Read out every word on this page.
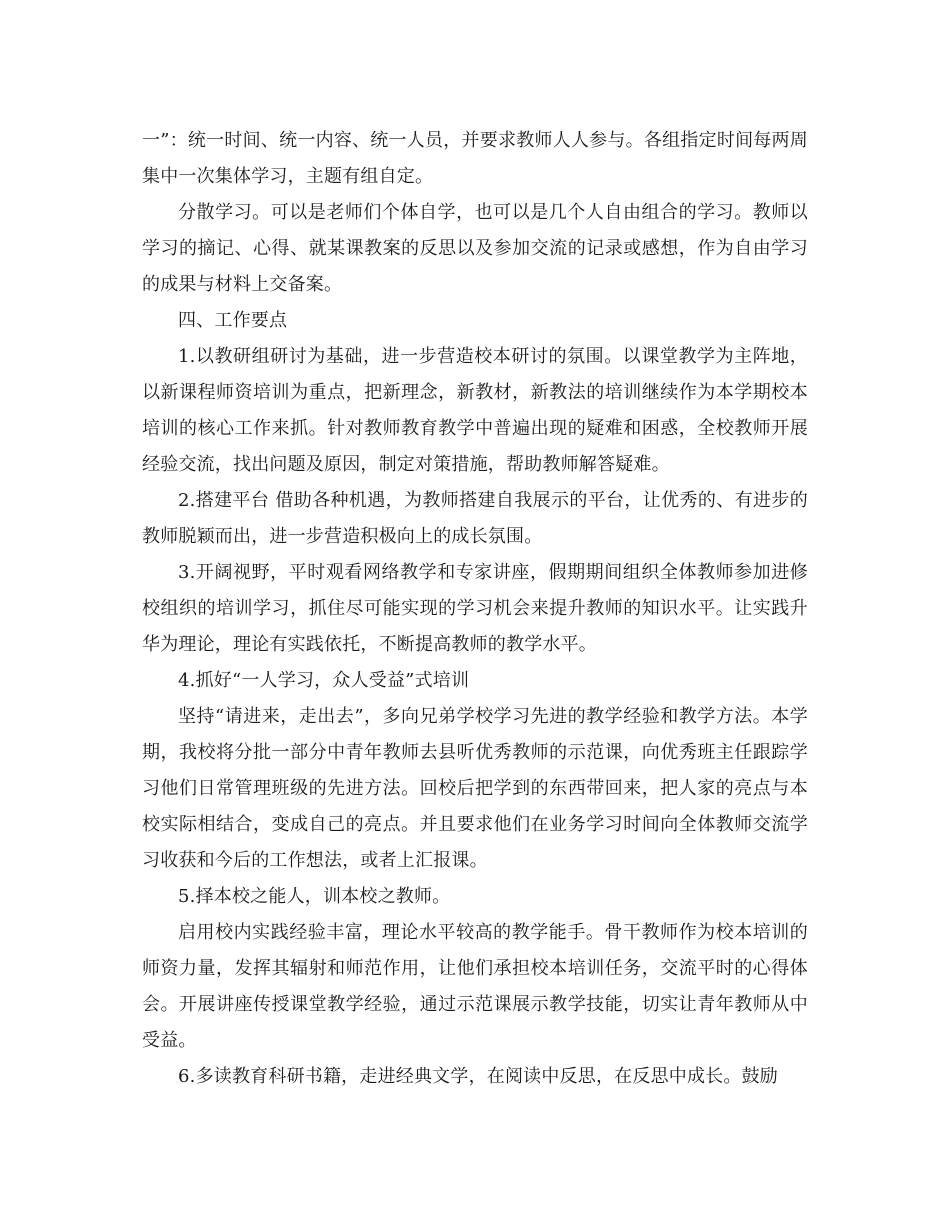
一”：统一时间、统一内容、统一人员，并要求教师人人参与。各组指定时间每两周集中一次集体学习，主题有组自定。

分散学习。可以是老师们个体自学，也可以是几个人自由组合的学习。教师以学习的摘记、心得、就某课教案的反思以及参加交流的记录或感想，作为自由学习的成果与材料上交备案。

四、工作要点

1.以教研组研讨为基础，进一步营造校本研讨的氛围。以课堂教学为主阵地，以新课程师资培训为重点，把新理念，新教材，新教法的培训继续作为本学期校本培训的核心工作来抓。针对教师教育教学中普遍出现的疑难和困惑，全校教师开展经验交流，找出问题及原因，制定对策措施，帮助教师解答疑难。

2.搭建平台 借助各种机遇，为教师搭建自我展示的平台，让优秀的、有进步的教师脱颖而出，进一步营造积极向上的成长氛围。

3.开阔视野，平时观看网络教学和专家讲座，假期期间组织全体教师参加进修校组织的培训学习，抓住尽可能实现的学习机会来提升教师的知识水平。让实践升华为理论，理论有实践依托，不断提高教师的教学水平。

4.抓好“一人学习，众人受益”式培训

坚持“请进来，走出去”，多向兄弟学校学习先进的教学经验和教学方法。本学期，我校将分批一部分中青年教师去县听优秀教师的示范课，向优秀班主任跟踪学习他们日常管理班级的先进方法。回校后把学到的东西带回来，把人家的亮点与本校实际相结合，变成自己的亮点。并且要求他们在业务学习时间向全体教师交流学习收获和今后的工作想法，或者上汇报课。

5.择本校之能人，训本校之教师。

启用校内实践经验丰富，理论水平较高的教学能手。骨干教师作为校本培训的师资力量，发挥其辐射和师范作用，让他们承担校本培训任务，交流平时的心得体会。开展讲座传授课堂教学经验，通过示范课展示教学技能，切实让青年教师从中受益。

6.多读教育科研书籍，走进经典文学，在阅读中反思，在反思中成长。鼓励
